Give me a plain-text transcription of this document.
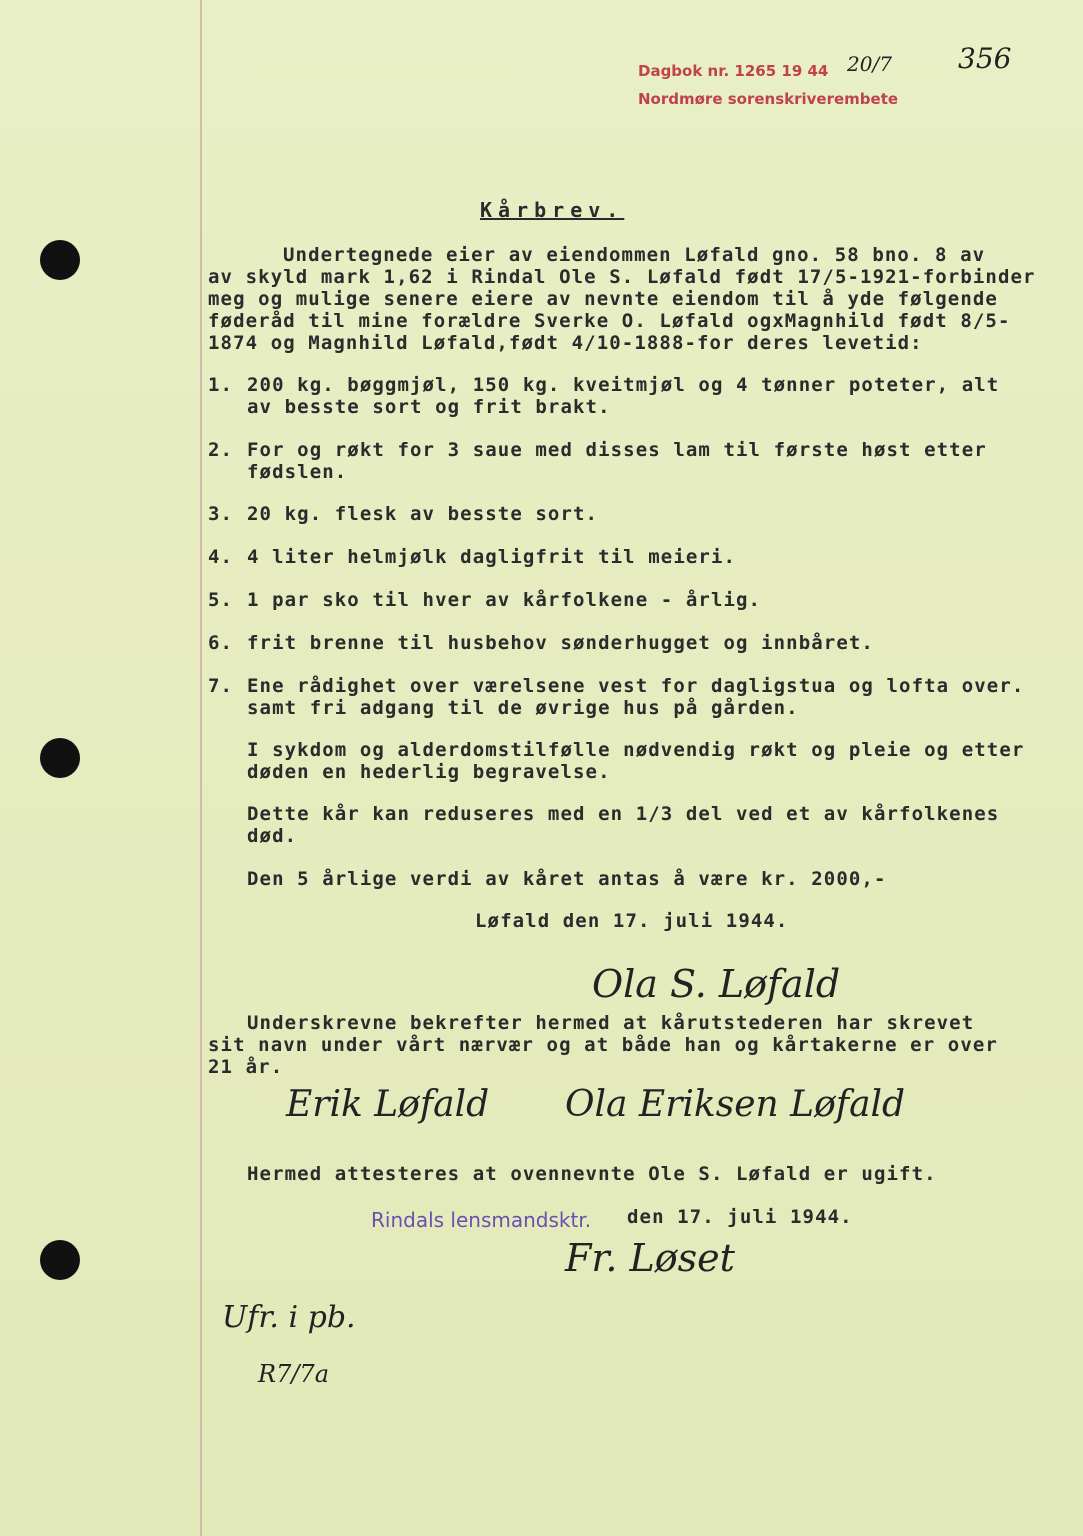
Dagbok nr. 1265 19 44 20/7
Nordmøre sorenskriverembete
356
Kårbrev.
Undertegnede eier av eiendommen Løfald gno. 58 bno. 8 av
av skyld mark 1,62 i Rindal Ole S. Løfald født 17/5-1921-forbinder
meg og mulige senere eiere av nevnte eiendom til å yde følgende
føderåd til mine forældre Sverke O. Løfald ogxMagnhild født 8/5-
1874 og Magnhild Løfald,født 4/10-1888-for deres levetid:
1. 200 kg. bøggmjøl, 150 kg. kveitmjøl og 4 tønner poteter, alt
av besste sort og frit brakt.
2. For og røkt for 3 saue med disses lam til første høst etter
fødslen.
3. 20 kg. flesk av besste sort.
4. 4 liter helmjølk dagligfrit til meieri.
5. 1 par sko til hver av kårfolkene - årlig.
6. frit brenne til husbehov sønderhugget og innbåret.
7. Ene rådighet over værelsene vest for dagligstua og lofta over.
samt fri adgang til de øvrige hus på gården.
I sykdom og alderdomstilfølle nødvendig røkt og pleie og etter
døden en hederlig begravelse.
Dette kår kan reduseres med en 1/3 del ved et av kårfolkenes
død.
Den 5 årlige verdi av kåret antas å være kr. 2000,-
Løfald den 17. juli 1944.
Ola S. Løfald
Underskrevne bekrefter hermed at kårutstederen har skrevet
sit navn under vårt nærvær og at både han og kårtakerne er over
21 år.
Erik Løfald Ola Eriksen Løfald
Hermed attesteres at ovennevnte Ole S. Løfald er ugift.
Rindals lensmandsktr. den 17. juli 1944.
Fr. Løset
Ufr. i pb.
R7/7a
